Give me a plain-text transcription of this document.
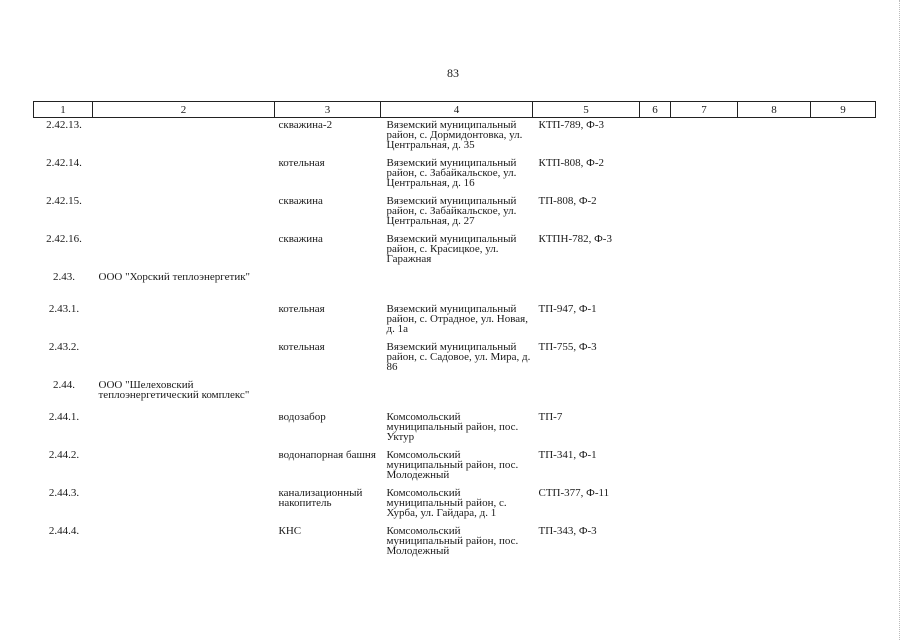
83
1	2	3	4	5	6	7	8	9
2.42.13.		скважина-2	Вяземский муниципальный район, с. Дормидонтовка, ул. Центральная, д. 35	КТП-789, Ф-3				
2.42.14.		котельная	Вяземский муниципальный район, с. Забайкальское, ул. Центральная, д. 16	КТП-808, Ф-2				
2.42.15.		скважина	Вяземский муниципальный район, с. Забайкальское, ул. Центральная, д. 27	ТП-808, Ф-2				
2.42.16.		скважина	Вяземский муниципальный район, с. Красицкое, ул. Гаражная	КТПН-782, Ф-3				
2.43.	ООО "Хорский теплоэнергетик"							
2.43.1.		котельная	Вяземский муниципальный район, с. Отрадное, ул. Новая, д. 1а	ТП-947, Ф-1				
2.43.2.		котельная	Вяземский муниципальный район, с. Садовое, ул. Мира, д. 86	ТП-755, Ф-3				
2.44.	ООО "Шелеховский теплоэнергетический комплекс"							
2.44.1.		водозабор	Комсомольский муниципальный район, пос. Уктур	ТП-7				
2.44.2.		водонапорная башня	Комсомольский муниципальный район, пос. Молодежный	ТП-341, Ф-1				
2.44.3.		канализационный накопитель	Комсомольский муниципальный район, с. Хурба, ул. Гайдара, д. 1	СТП-377, Ф-11				
2.44.4.		КНС	Комсомольский муниципальный район, пос. Молодежный	ТП-343, Ф-3				
